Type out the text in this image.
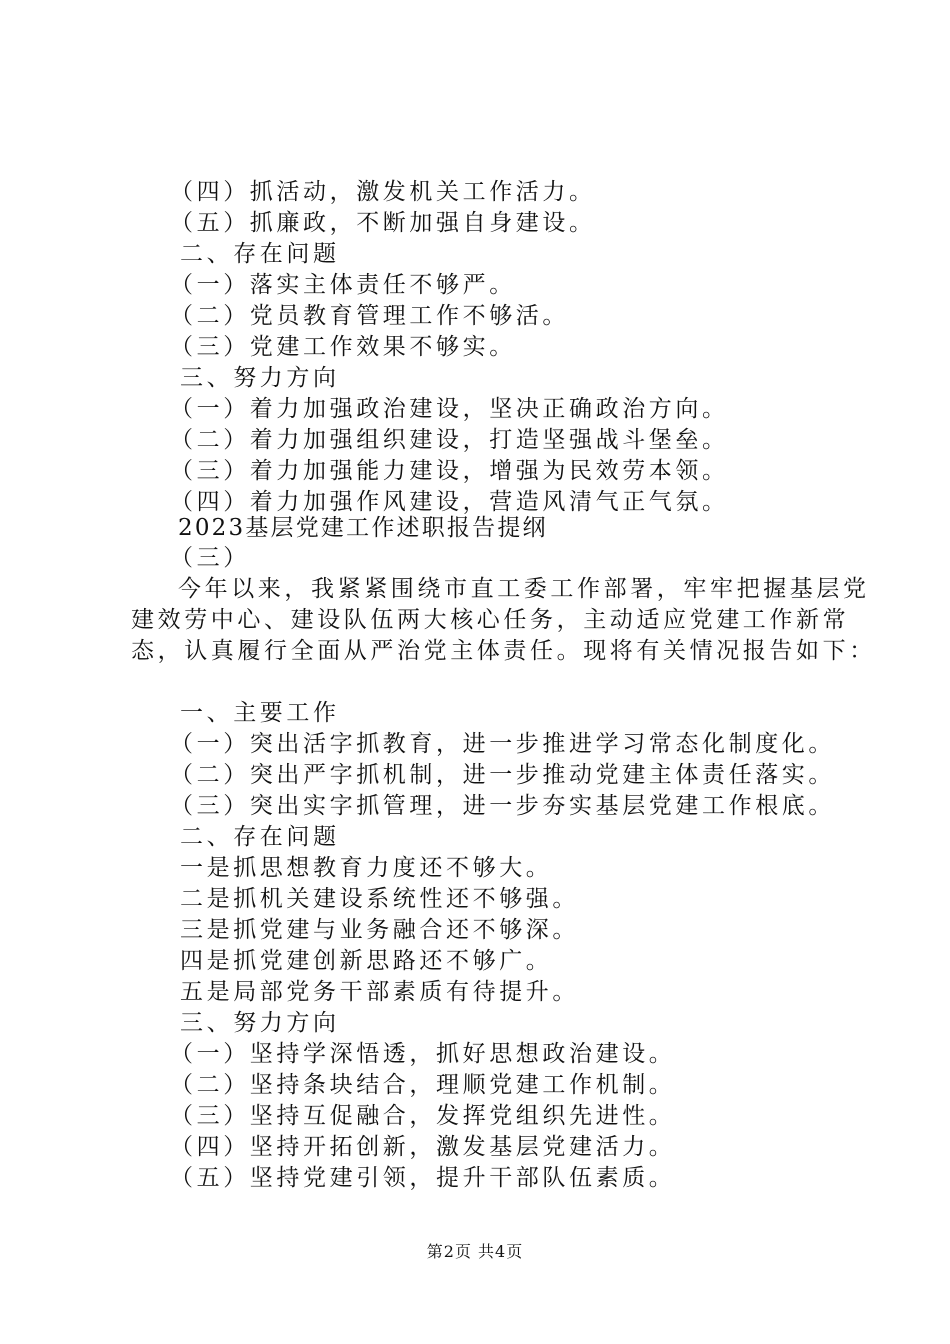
（四）抓活动，激发机关工作活力。

（五）抓廉政，不断加强自身建设。

二、存在问题

（一）落实主体责任不够严。

（二）党员教育管理工作不够活。

（三）党建工作效果不够实。

三、努力方向

（一）着力加强政治建设，坚决正确政治方向。

（二）着力加强组织建设，打造坚强战斗堡垒。

（三）着力加强能力建设，增强为民效劳本领。

（四）着力加强作风建设，营造风清气正气氛。

2023基层党建工作述职报告提纲

（三）

今年以来，我紧紧围绕市直工委工作部署，牢牢把握基层党

建效劳中心、建设队伍两大核心任务，主动适应党建工作新常

态，认真履行全面从严治党主体责任。现将有关情况报告如下：

一、主要工作

（一）突出活字抓教育，进一步推进学习常态化制度化。

（二）突出严字抓机制，进一步推动党建主体责任落实。

（三）突出实字抓管理，进一步夯实基层党建工作根底。

二、存在问题

一是抓思想教育力度还不够大。

二是抓机关建设系统性还不够强。

三是抓党建与业务融合还不够深。

四是抓党建创新思路还不够广。

五是局部党务干部素质有待提升。

三、努力方向

（一）坚持学深悟透，抓好思想政治建设。

（二）坚持条块结合，理顺党建工作机制。

（三）坚持互促融合，发挥党组织先进性。

（四）坚持开拓创新，激发基层党建活力。

（五）坚持党建引领，提升干部队伍素质。

第2页 共4页
